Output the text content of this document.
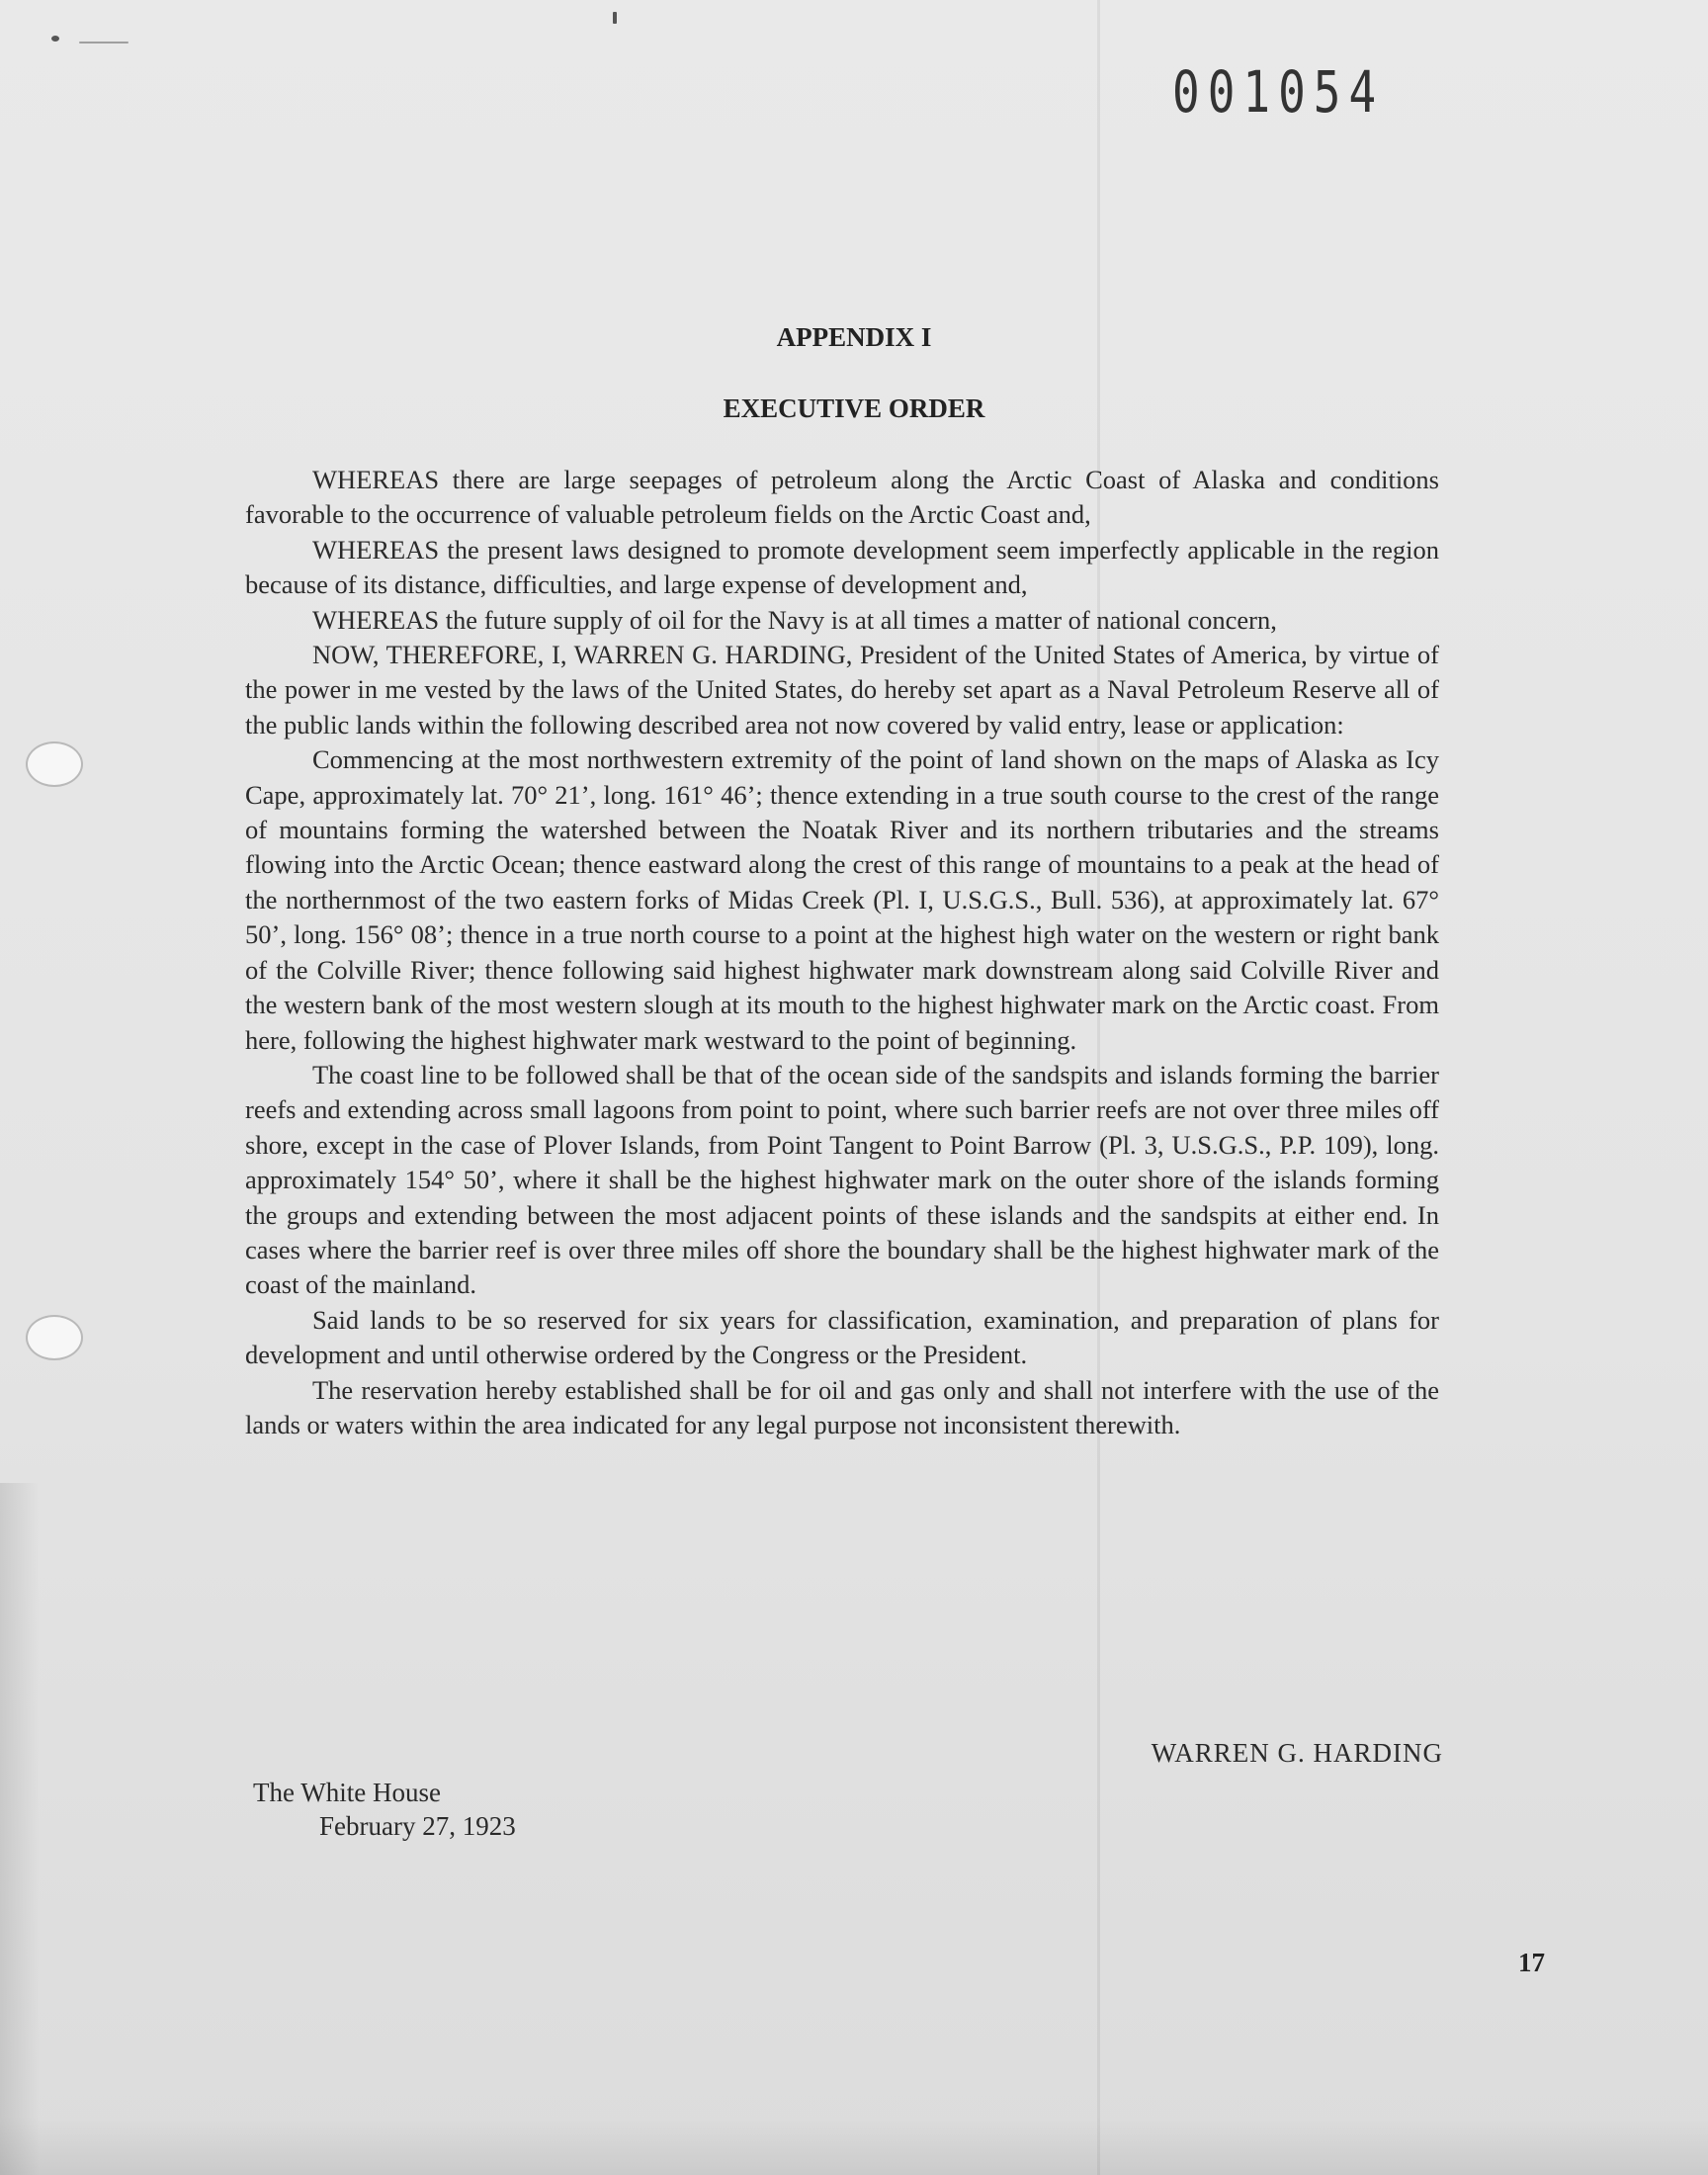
001054
APPENDIX I
EXECUTIVE ORDER

WHEREAS there are large seepages of petroleum along the Arctic Coast of Alaska and conditions favorable to the occurrence of valuable petroleum fields on the Arctic Coast and,

WHEREAS the present laws designed to promote development seem imperfectly applicable in the region because of its distance, difficulties, and large expense of development and,

WHEREAS the future supply of oil for the Navy is at all times a matter of national concern,

NOW, THEREFORE, I, WARREN G. HARDING, President of the United States of America, by virtue of the power in me vested by the laws of the United States, do hereby set apart as a Naval Petroleum Reserve all of the public lands within the following described area not now covered by valid entry, lease or application:

Commencing at the most northwestern extremity of the point of land shown on the maps of Alaska as Icy Cape, approximately lat. 70° 21’, long. 161° 46’; thence extending in a true south course to the crest of the range of mountains forming the watershed between the Noatak River and its northern tributaries and the streams flowing into the Arctic Ocean; thence eastward along the crest of this range of mountains to a peak at the head of the northernmost of the two eastern forks of Midas Creek (Pl. I, U.S.G.S., Bull. 536), at approximately lat. 67° 50’, long. 156° 08’; thence in a true north course to a point at the highest high water on the western or right bank of the Colville River; thence following said highest highwater mark downstream along said Colville River and the western bank of the most western slough at its mouth to the highest highwater mark on the Arctic coast. From here, following the highest highwater mark westward to the point of beginning.

The coast line to be followed shall be that of the ocean side of the sandspits and islands forming the barrier reefs and extending across small lagoons from point to point, where such barrier reefs are not over three miles off shore, except in the case of Plover Islands, from Point Tangent to Point Barrow (Pl. 3, U.S.G.S., P.P. 109), long. approximately 154° 50’, where it shall be the highest highwater mark on the outer shore of the islands forming the groups and extending between the most adjacent points of these islands and the sandspits at either end. In cases where the barrier reef is over three miles off shore the boundary shall be the highest highwater mark of the coast of the mainland.

Said lands to be so reserved for six years for classification, examination, and preparation of plans for development and until otherwise ordered by the Congress or the President.

The reservation hereby established shall be for oil and gas only and shall not interfere with the use of the lands or waters within the area indicated for any legal purpose not inconsistent therewith.

WARREN G. HARDING
The White House
February 27, 1923
17
